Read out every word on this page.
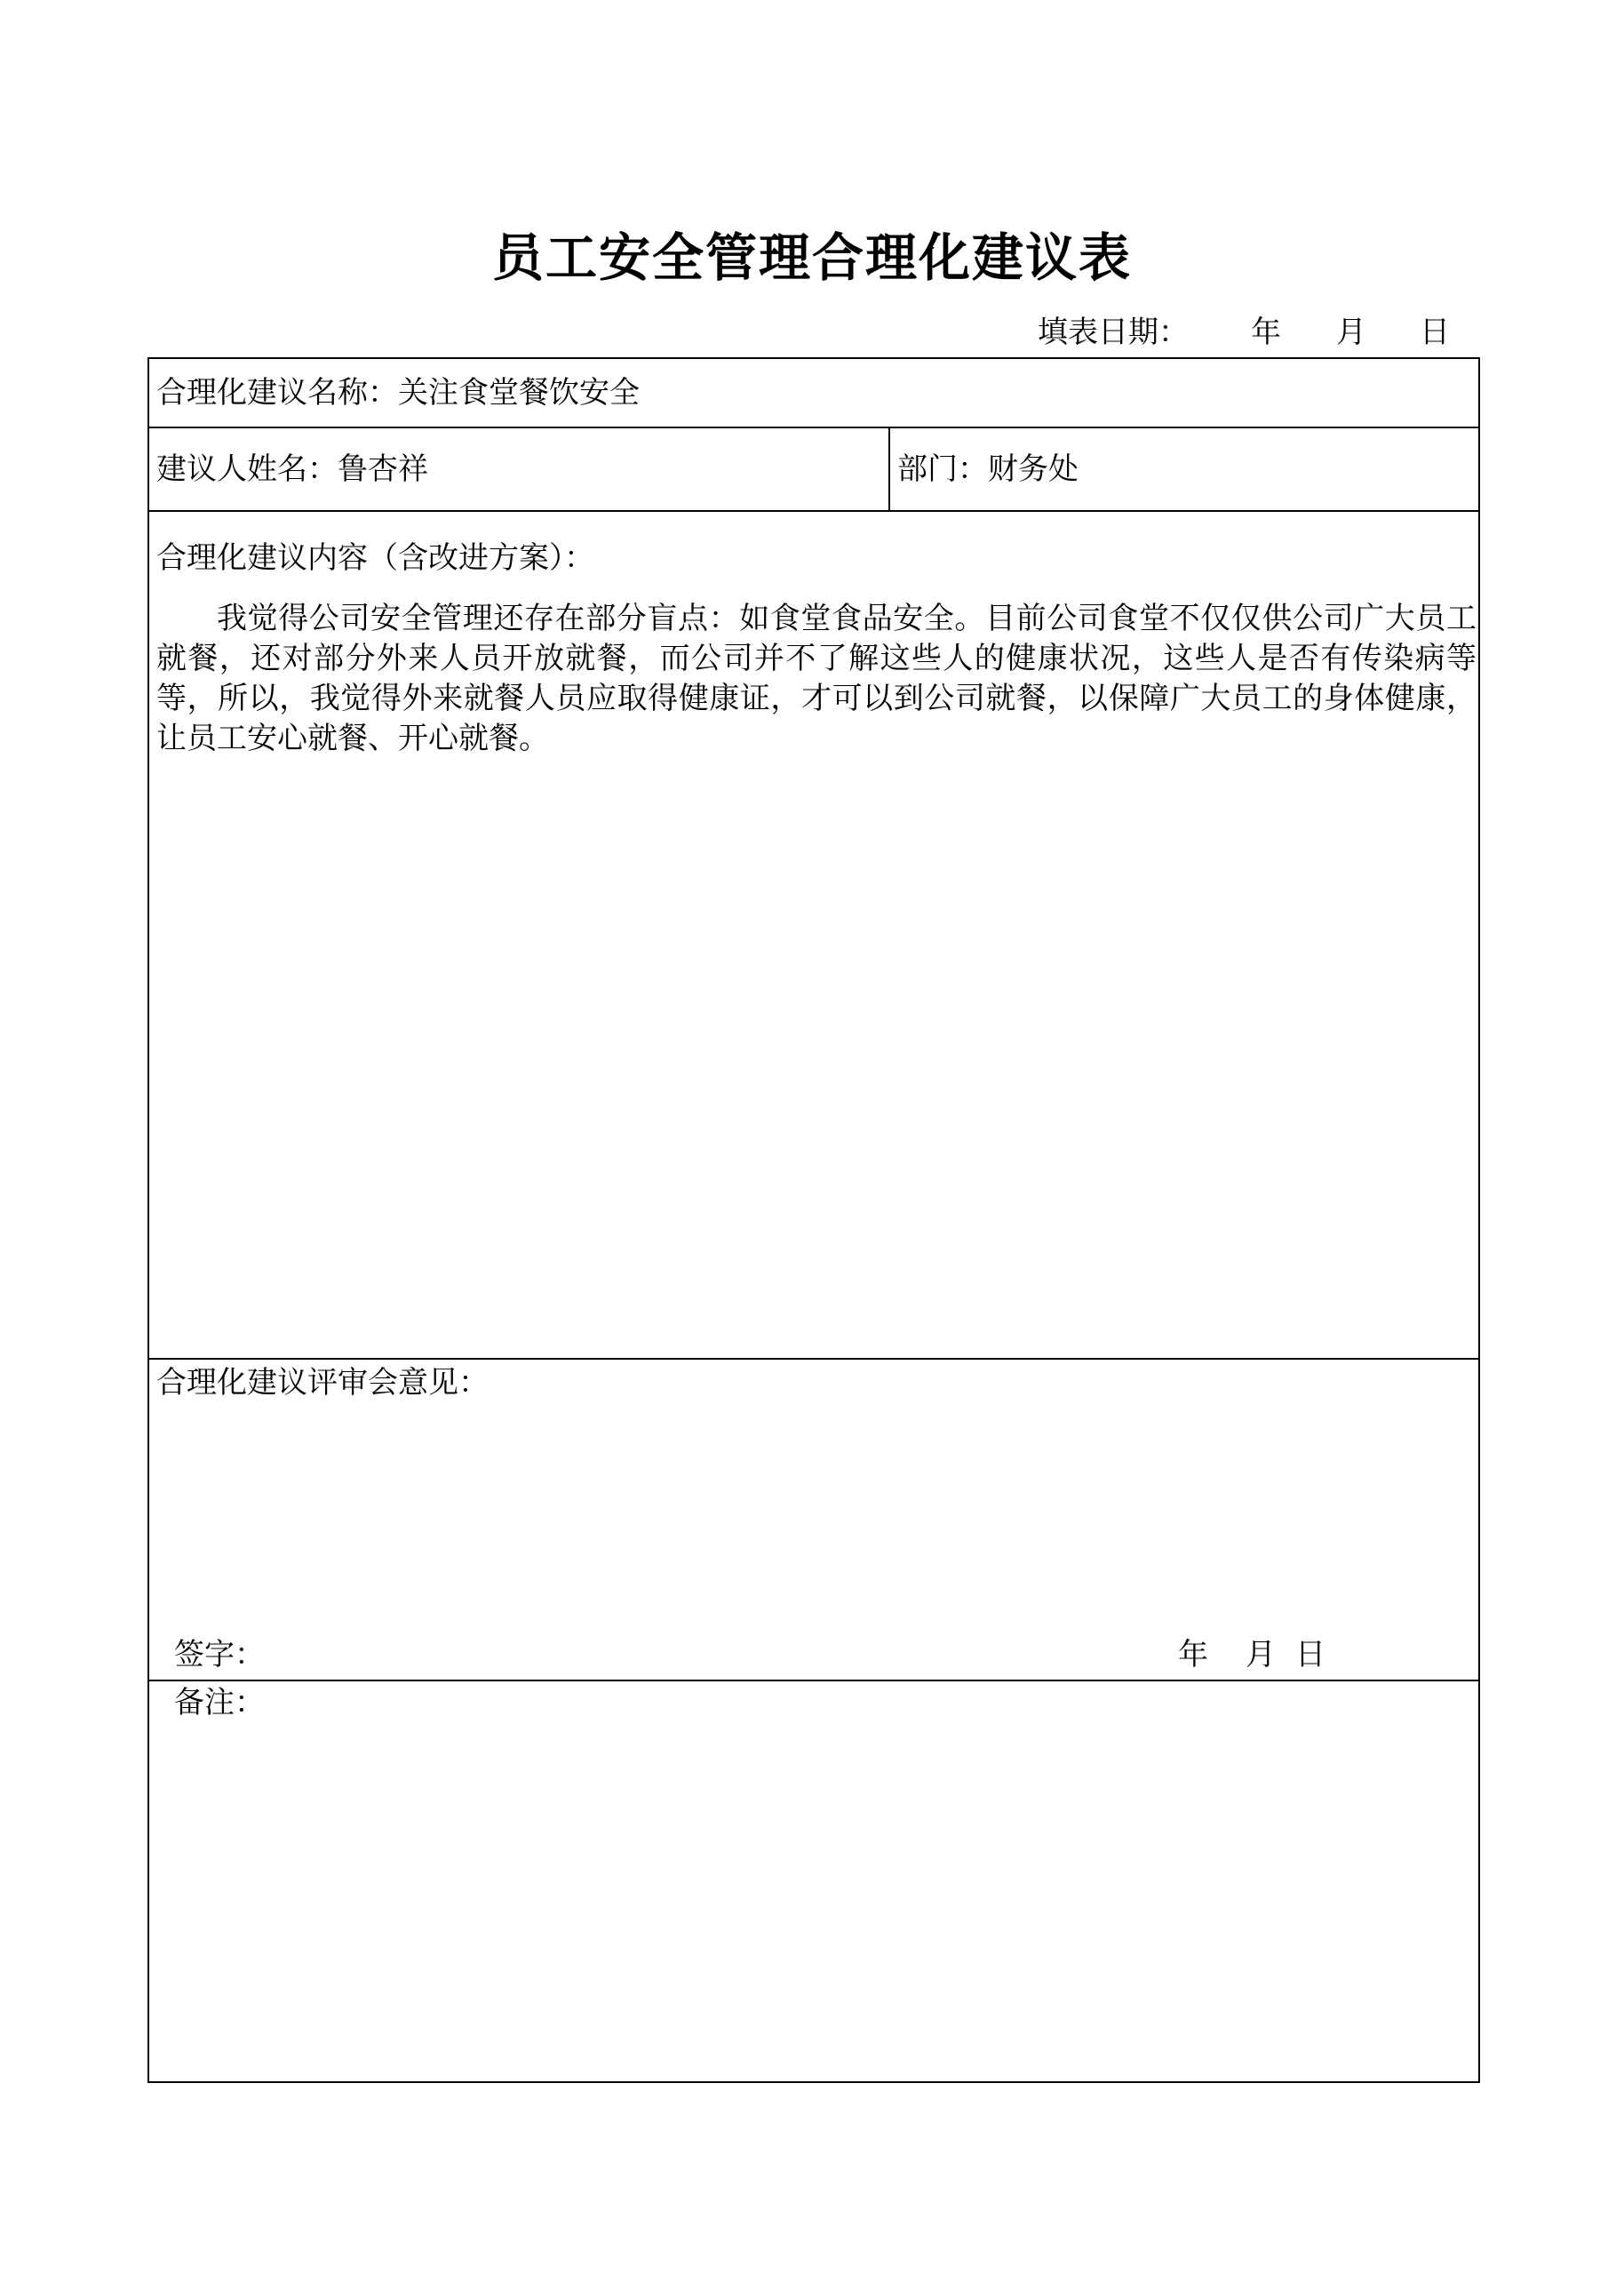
员工安全管理合理化建议表
填表日期： 年 月 日
合理化建议名称：关注食堂餐饮安全
建议人姓名：鲁杏祥	部门：财务处
合理化建议内容（含改进方案）：
我觉得公司安全管理还存在部分盲点：如食堂食品安全。目前公司食堂不仅仅供公司广大员工就餐，还对部分外来人员开放就餐，而公司并不了解这些人的健康状况，这些人是否有传染病等等，所以，我觉得外来就餐人员应取得健康证，才可以到公司就餐，以保障广大员工的身体健康，让员工安心就餐、开心就餐。
合理化建议评审会意见：
签字：	年 月 日
备注：
